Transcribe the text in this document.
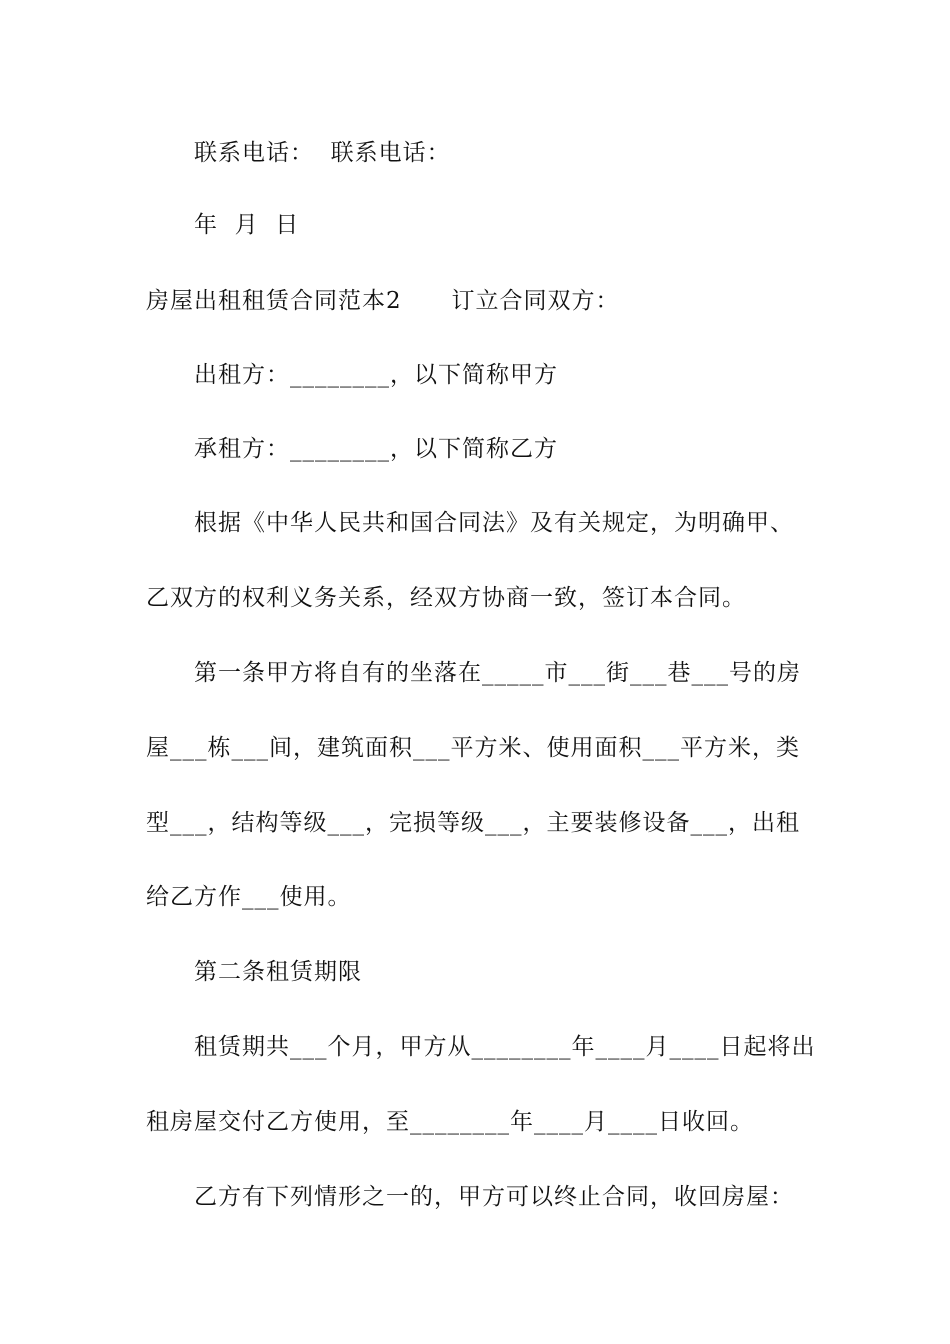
联系电话：  联系电话：
年  月  日
房屋出租租赁合同范本2      订立合同双方：
出租方：________，以下简称甲方
承租方：________，以下简称乙方
根据《中华人民共和国合同法》及有关规定，为明确甲、
乙双方的权利义务关系，经双方协商一致，签订本合同。
第一条甲方将自有的坐落在_____市___街___巷___号的房
屋___栋___间，建筑面积___平方米、使用面积___平方米，类
型___，结构等级___，完损等级___，主要装修设备___，出租
给乙方作___使用。
第二条租赁期限
租赁期共___个月，甲方从________年____月____日起将出
租房屋交付乙方使用，至________年____月____日收回。
乙方有下列情形之一的，甲方可以终止合同，收回房屋：
